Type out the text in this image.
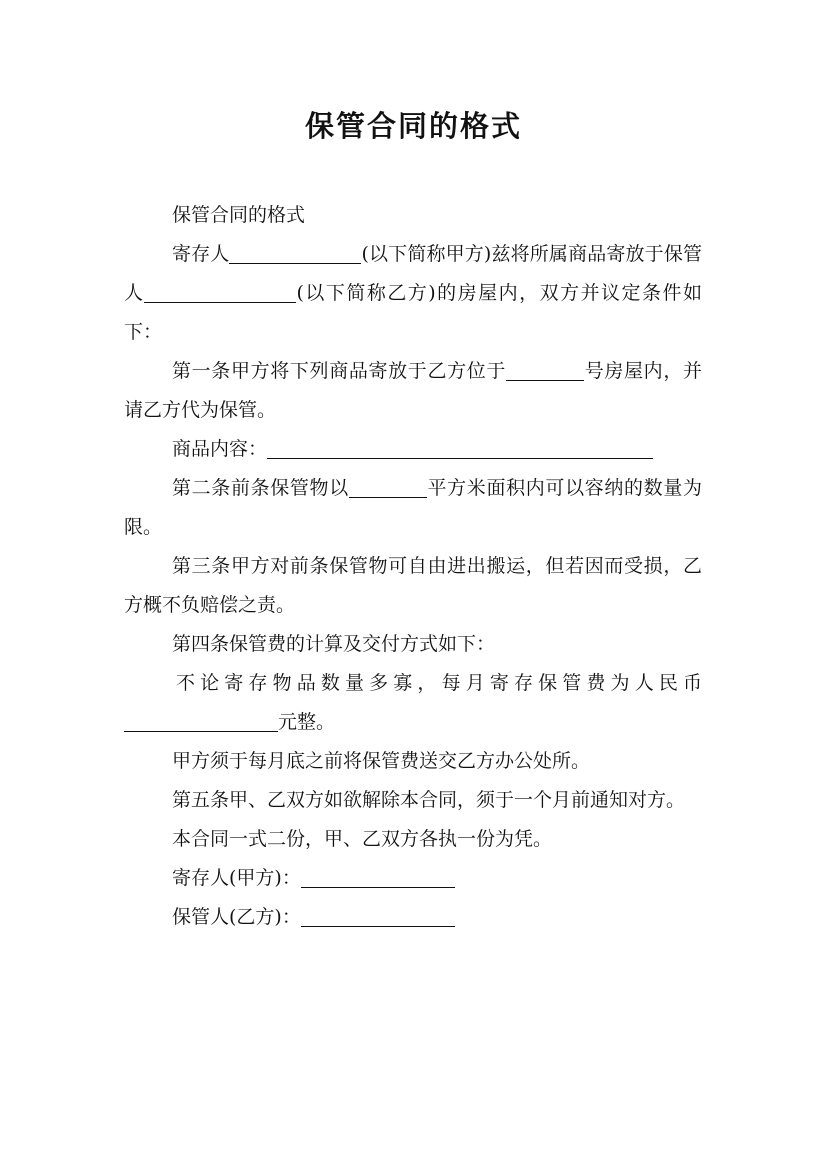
保管合同的格式

保管合同的格式

寄存人	(以下简称甲方)兹将所属商品寄放于保管人	(以下简称乙方)的房屋内，双方并议定条件如下：

第一条甲方将下列商品寄放于乙方位于	号房屋内，并请乙方代为保管。

商品内容：

第二条前条保管物以	平方米面积内可以容纳的数量为限。

第三条甲方对前条保管物可自由进出搬运，但若因而受损，乙方概不负赔偿之责。

第四条保管费的计算及交付方式如下：

不论寄存物品数量多寡，每月寄存保管费为人民币元整。

甲方须于每月底之前将保管费送交乙方办公处所。

第五条甲、乙双方如欲解除本合同，须于一个月前通知对方。

本合同一式二份，甲、乙双方各执一份为凭。

寄存人(甲方)：

保管人(乙方)：
